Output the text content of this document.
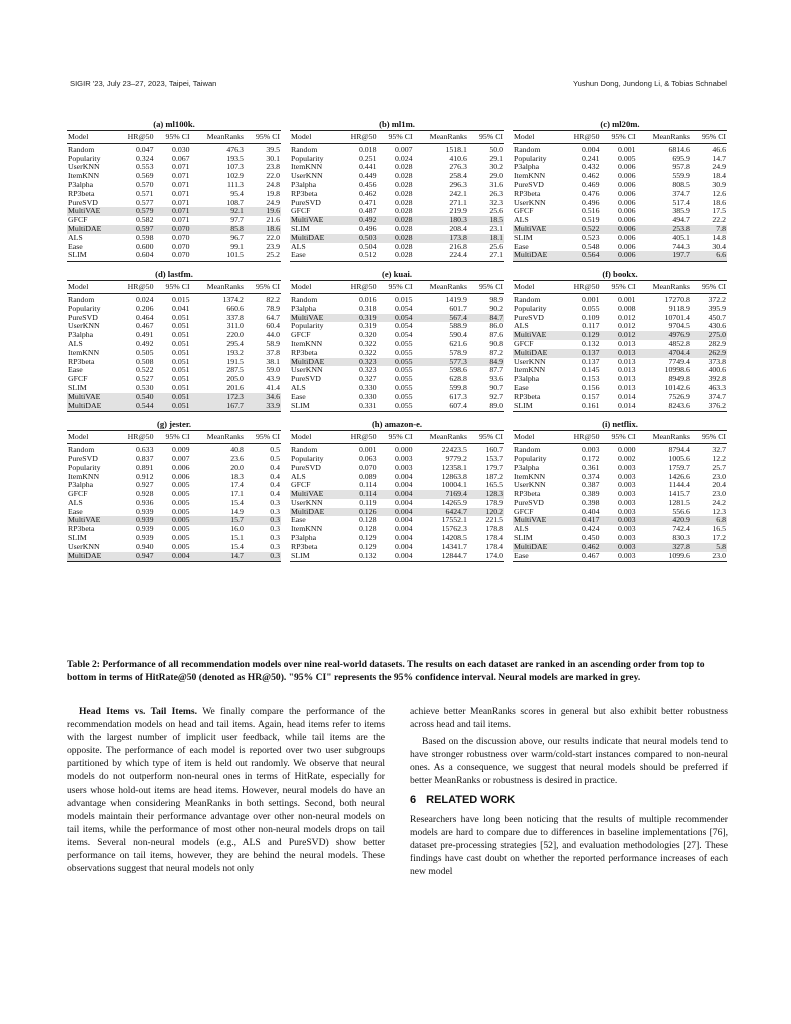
SIGIR '23, July 23–27, 2023, Taipei, Taiwan	Yushun Dong, Jundong Li, & Tobias Schnabel
(a) ml100k.
Model	HR@50	95% CI	MeanRanks	95% CI
Random	0.047	0.030	476.3	39.5
Popularity	0.324	0.067	193.5	30.1
UserKNN	0.553	0.071	107.3	23.8
ItemKNN	0.569	0.071	102.9	22.0
P3alpha	0.570	0.071	111.3	24.8
RP3beta	0.571	0.071	95.4	19.8
PureSVD	0.577	0.071	108.7	24.9
MultiVAE	0.579	0.071	92.1	19.6
GFCF	0.582	0.071	97.7	21.6
MultiDAE	0.597	0.070	85.8	18.6
ALS	0.598	0.070	96.7	22.0
Ease	0.600	0.070	99.1	23.9
SLIM	0.604	0.070	101.5	25.2
(b) ml1m.
Model	HR@50	95% CI	MeanRanks	95% CI
Random	0.018	0.007	1518.1	50.0
Popularity	0.251	0.024	410.6	29.1
ItemKNN	0.441	0.028	276.3	30.2
UserKNN	0.449	0.028	258.4	29.0
P3alpha	0.456	0.028	296.3	31.6
RP3beta	0.462	0.028	242.1	26.3
PureSVD	0.471	0.028	271.1	32.3
GFCF	0.487	0.028	219.9	25.6
MultiVAE	0.492	0.028	180.3	18.5
SLIM	0.496	0.028	208.4	23.1
MultiDAE	0.503	0.028	173.8	18.1
ALS	0.504	0.028	216.8	25.6
Ease	0.512	0.028	224.4	27.1
(c) ml20m.
Model	HR@50	95% CI	MeanRanks	95% CI
Random	0.004	0.001	6814.6	46.6
Popularity	0.241	0.005	695.9	14.7
P3alpha	0.432	0.006	957.8	24.9
ItemKNN	0.462	0.006	559.9	18.4
PureSVD	0.469	0.006	808.5	30.9
RP3beta	0.476	0.006	374.7	12.6
UserKNN	0.496	0.006	517.4	18.6
GFCF	0.516	0.006	385.9	17.5
ALS	0.519	0.006	494.7	22.2
MultiVAE	0.522	0.006	253.8	7.8
SLIM	0.523	0.006	405.1	14.8
Ease	0.548	0.006	744.3	30.4
MultiDAE	0.564	0.006	197.7	6.6
(d) lastfm.
Model	HR@50	95% CI	MeanRanks	95% CI
Random	0.024	0.015	1374.2	82.2
Popularity	0.206	0.041	660.6	78.9
PureSVD	0.464	0.051	337.8	64.7
UserKNN	0.467	0.051	311.0	60.4
P3alpha	0.491	0.051	220.0	44.0
ALS	0.492	0.051	295.4	58.9
ItemKNN	0.505	0.051	193.2	37.8
RP3beta	0.508	0.051	191.5	38.1
Ease	0.522	0.051	287.5	59.0
GFCF	0.527	0.051	205.0	43.9
SLIM	0.530	0.051	201.6	41.4
MultiVAE	0.540	0.051	172.3	34.6
MultiDAE	0.544	0.051	167.7	33.9
(e) kuai.
Model	HR@50	95% CI	MeanRanks	95% CI
Random	0.016	0.015	1419.9	98.9
P3alpha	0.318	0.054	601.7	90.2
MultiVAE	0.319	0.054	567.4	84.7
Popularity	0.319	0.054	588.9	86.0
GFCF	0.320	0.054	590.4	87.6
ItemKNN	0.322	0.055	621.6	90.8
RP3beta	0.322	0.055	578.9	87.2
MultiDAE	0.323	0.055	577.3	84.9
UserKNN	0.323	0.055	598.6	87.7
PureSVD	0.327	0.055	628.8	93.6
ALS	0.330	0.055	599.8	90.7
Ease	0.330	0.055	617.3	92.7
SLIM	0.331	0.055	607.4	89.0
(f) bookx.
Model	HR@50	95% CI	MeanRanks	95% CI
Random	0.001	0.001	17270.8	372.2
Popularity	0.055	0.008	9118.9	395.9
PureSVD	0.109	0.012	10701.4	450.7
ALS	0.117	0.012	9704.5	430.6
MultiVAE	0.129	0.012	4976.9	275.0
GFCF	0.132	0.013	4852.8	282.9
MultiDAE	0.137	0.013	4704.4	262.9
UserKNN	0.137	0.013	7749.4	373.8
ItemKNN	0.145	0.013	10998.6	400.6
P3alpha	0.153	0.013	8949.8	392.8
Ease	0.156	0.013	10142.6	463.3
RP3beta	0.157	0.014	7526.9	374.7
SLIM	0.161	0.014	8243.6	376.2
(g) jester.
Model	HR@50	95% CI	MeanRanks	95% CI
Random	0.633	0.009	40.8	0.5
PureSVD	0.837	0.007	23.6	0.5
Popularity	0.891	0.006	20.0	0.4
ItemKNN	0.912	0.006	18.3	0.4
P3alpha	0.927	0.005	17.4	0.4
GFCF	0.928	0.005	17.1	0.4
ALS	0.936	0.005	15.4	0.3
Ease	0.939	0.005	14.9	0.3
MultiVAE	0.939	0.005	15.7	0.3
RP3beta	0.939	0.005	16.0	0.3
SLIM	0.939	0.005	15.1	0.3
UserKNN	0.940	0.005	15.4	0.3
MultiDAE	0.947	0.004	14.7	0.3
(h) amazon-e.
Model	HR@50	95% CI	MeanRanks	95% CI
Random	0.001	0.000	22423.5	160.7
Popularity	0.063	0.003	9779.2	153.7
PureSVD	0.070	0.003	12358.1	179.7
ALS	0.089	0.004	12863.8	187.2
GFCF	0.114	0.004	10004.1	165.5
MultiVAE	0.114	0.004	7169.4	128.3
UserKNN	0.119	0.004	14265.9	178.9
MultiDAE	0.126	0.004	6424.7	120.2
Ease	0.128	0.004	17552.1	221.5
ItemKNN	0.128	0.004	15762.3	178.8
P3alpha	0.129	0.004	14208.5	178.4
RP3beta	0.129	0.004	14341.7	178.4
SLIM	0.132	0.004	12844.7	174.0
(i) netflix.
Model	HR@50	95% CI	MeanRanks	95% CI
Random	0.003	0.000	8794.4	32.7
Popularity	0.172	0.002	1005.6	12.2
P3alpha	0.361	0.003	1759.7	25.7
ItemKNN	0.374	0.003	1426.6	23.0
UserKNN	0.387	0.003	1144.4	20.4
RP3beta	0.389	0.003	1415.7	23.0
PureSVD	0.398	0.003	1281.5	24.2
GFCF	0.404	0.003	556.6	12.3
MultiVAE	0.417	0.003	420.9	6.8
ALS	0.424	0.003	742.4	16.5
SLIM	0.450	0.003	830.3	17.2
MultiDAE	0.462	0.003	327.8	5.8
Ease	0.467	0.003	1099.6	23.0
Table 2: Performance of all recommendation models over nine real-world datasets. The results on each dataset are ranked in an ascending order from top to bottom in terms of HitRate@50 (denoted as HR@50). "95% CI" represents the 95% confidence interval. Neural models are marked in grey.

Head Items vs. Tail Items. We finally compare the performance of the recommendation models on head and tail items. Again, head items refer to items with the largest number of implicit user feedback, while tail items are the opposite. The performance of each model is reported over two user subgroups partitioned by which type of item is held out randomly. We observe that neural models do not outperform non-neural ones in terms of HitRate, especially for users whose hold-out items are head items. However, neural models do have an advantage when considering MeanRanks in both settings. Second, both neural models maintain their performance advantage over other non-neural models on tail items, while the performance of most other non-neural models drops on tail items. Several non-neural models (e.g., ALS and PureSVD) show better performance on tail items, however, they are behind the neural models. These observations suggest that neural models not only

achieve better MeanRanks scores in general but also exhibit better robustness across head and tail items.

Based on the discussion above, our results indicate that neural models tend to have stronger robustness over warm/cold-start instances compared to non-neural ones. As a consequence, we suggest that neural models should be preferred if better MeanRanks or robustness is desired in practice.

6 RELATED WORK

Researchers have long been noticing that the results of multiple recommender models are hard to compare due to differences in baseline implementations [76], dataset pre-processing strategies [52], and evaluation methodologies [27]. These findings have cast doubt on whether the reported performance increases of each new model
